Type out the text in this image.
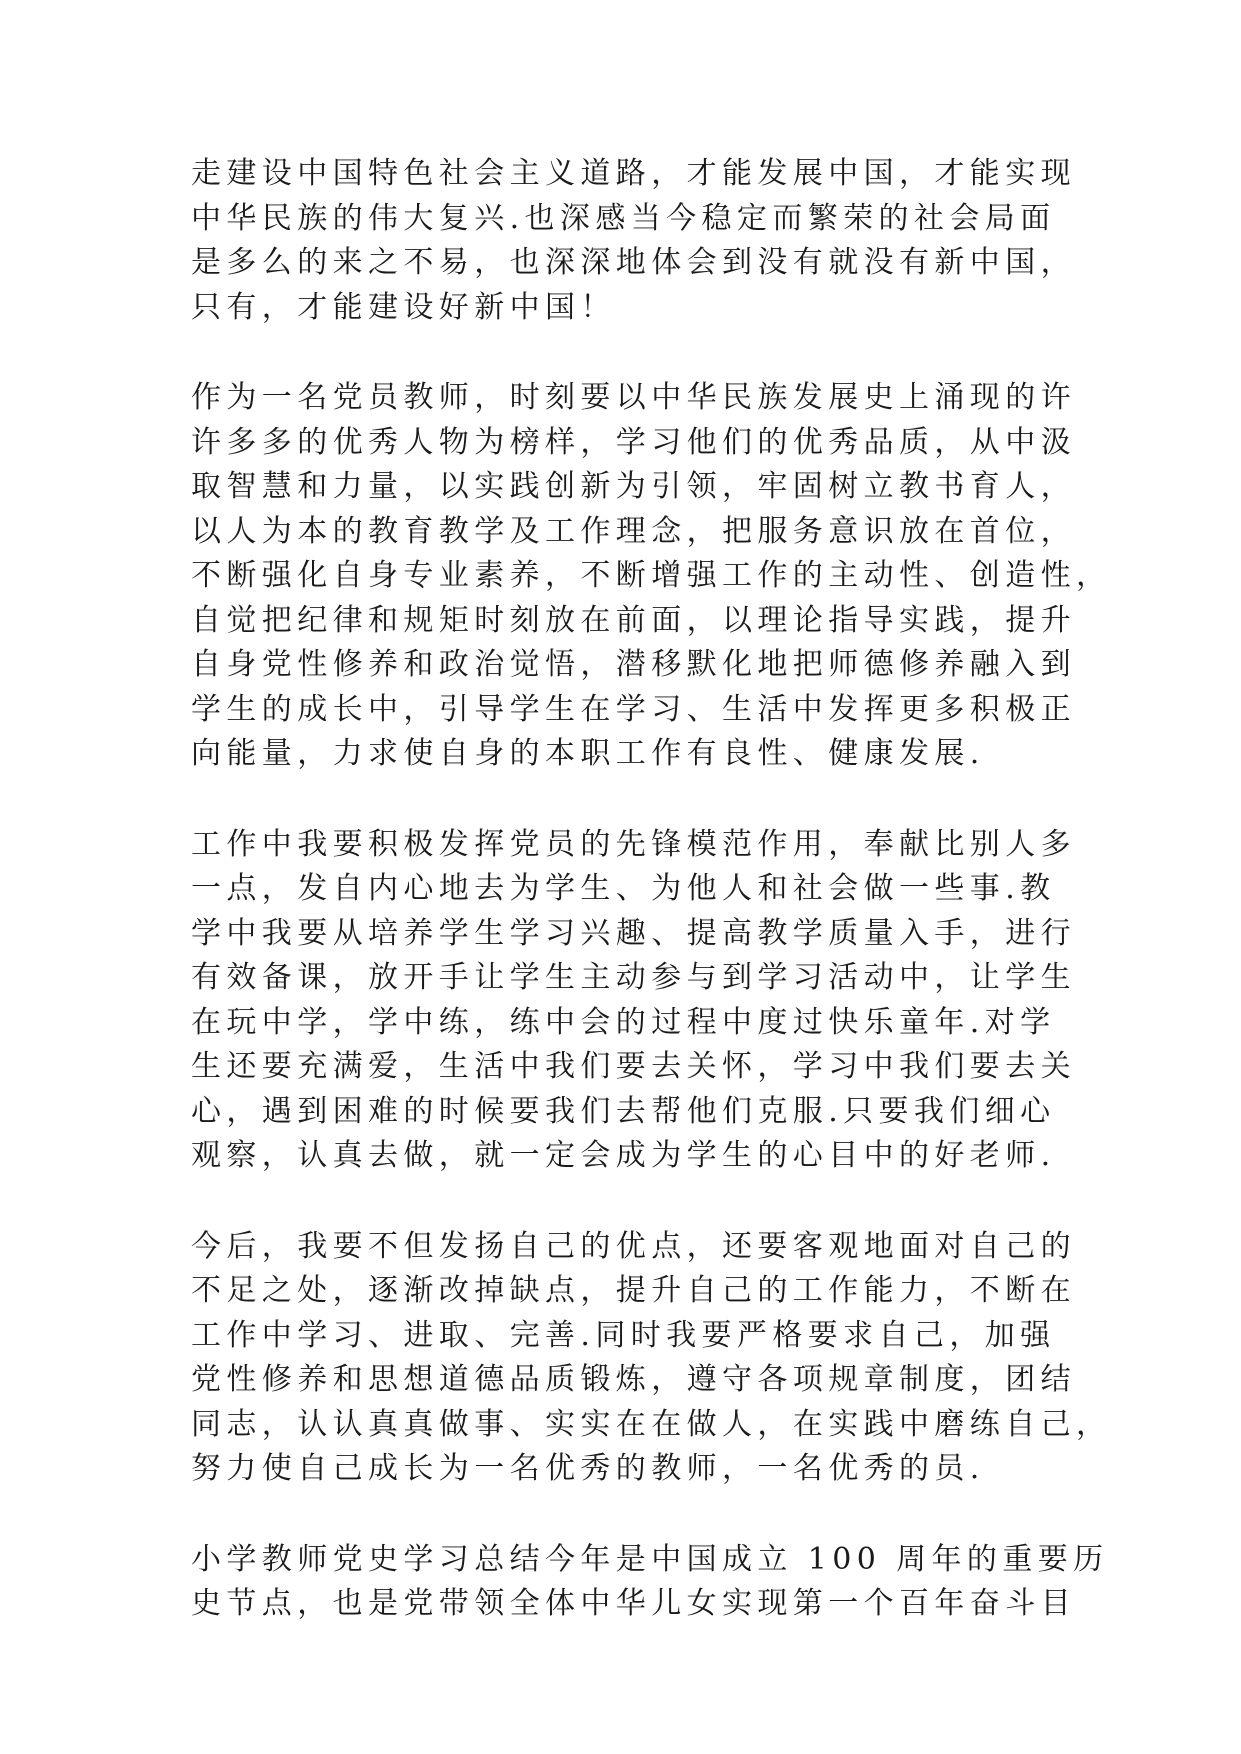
走建设中国特色社会主义道路，才能发展中国，才能实现
中华民族的伟大复兴.也深感当今稳定而繁荣的社会局面
是多么的来之不易，也深深地体会到没有就没有新中国，
只有，才能建设好新中国！
作为一名党员教师，时刻要以中华民族发展史上涌现的许
许多多的优秀人物为榜样，学习他们的优秀品质，从中汲
取智慧和力量，以实践创新为引领，牢固树立教书育人，
以人为本的教育教学及工作理念，把服务意识放在首位，
不断强化自身专业素养，不断增强工作的主动性、创造性，
自觉把纪律和规矩时刻放在前面，以理论指导实践，提升
自身党性修养和政治觉悟，潜移默化地把师德修养融入到
学生的成长中，引导学生在学习、生活中发挥更多积极正
向能量，力求使自身的本职工作有良性、健康发展.
工作中我要积极发挥党员的先锋模范作用，奉献比别人多
一点，发自内心地去为学生、为他人和社会做一些事.教
学中我要从培养学生学习兴趣、提高教学质量入手，进行
有效备课，放开手让学生主动参与到学习活动中，让学生
在玩中学，学中练，练中会的过程中度过快乐童年.对学
生还要充满爱，生活中我们要去关怀，学习中我们要去关
心，遇到困难的时候要我们去帮他们克服.只要我们细心
观察，认真去做，就一定会成为学生的心目中的好老师.
今后，我要不但发扬自己的优点，还要客观地面对自己的
不足之处，逐渐改掉缺点，提升自己的工作能力，不断在
工作中学习、进取、完善.同时我要严格要求自己，加强
党性修养和思想道德品质锻炼，遵守各项规章制度，团结
同志，认认真真做事、实实在在做人，在实践中磨练自己，
努力使自己成长为一名优秀的教师，一名优秀的员.
小学教师党史学习总结今年是中国成立 100 周年的重要历
史节点，也是党带领全体中华儿女实现第一个百年奋斗目
